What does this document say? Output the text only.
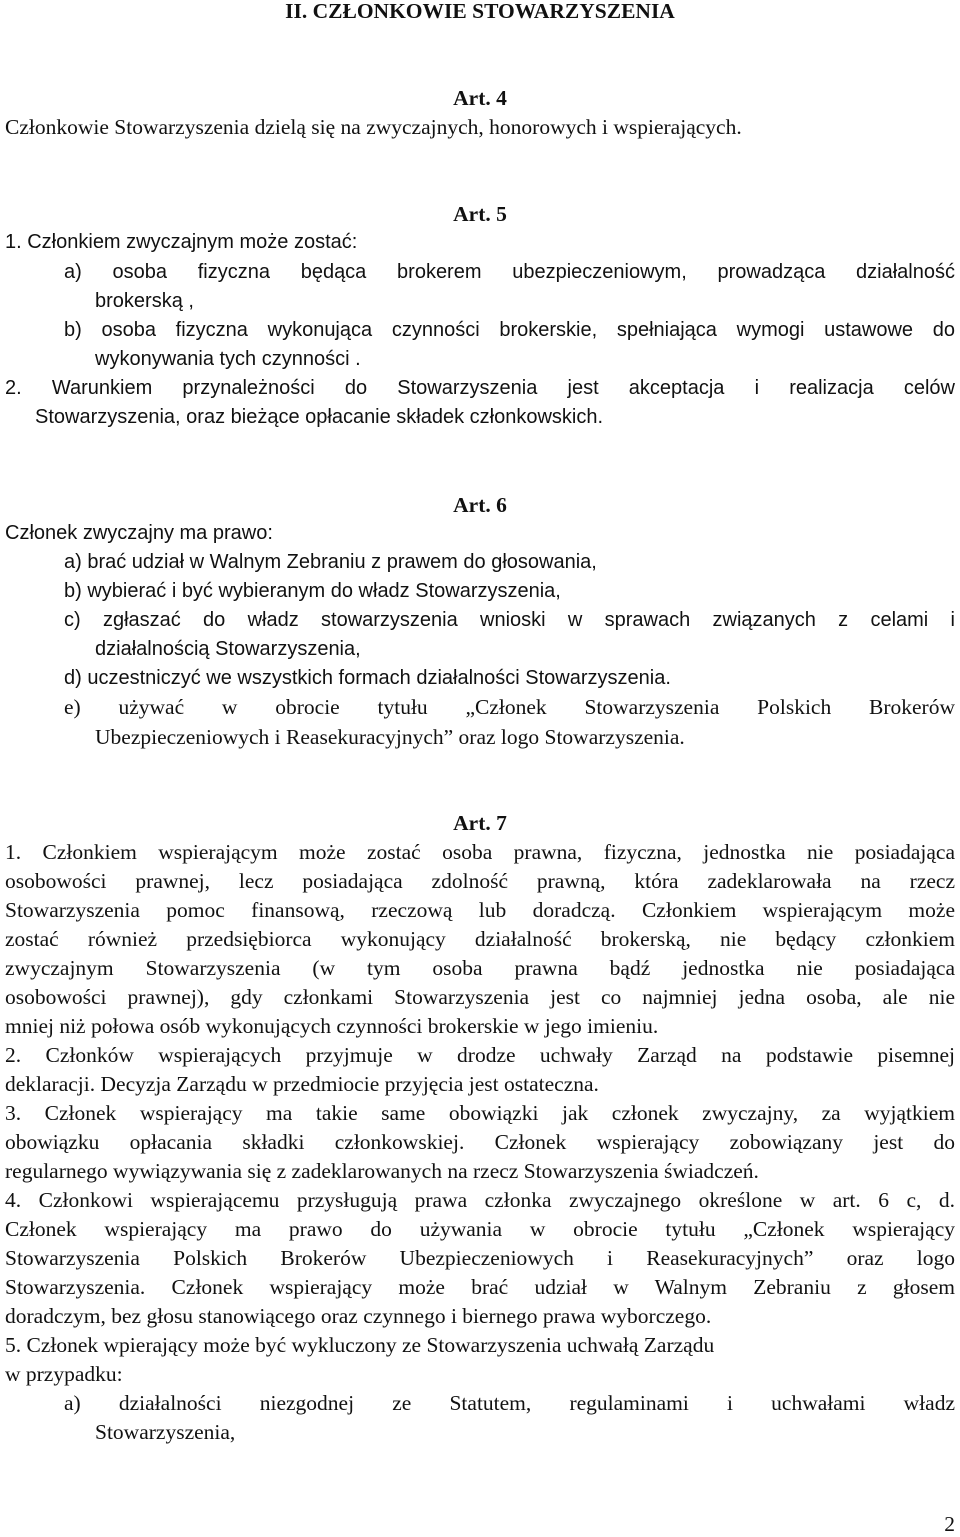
II. CZŁONKOWIE STOWARZYSZENIA
Art. 4
Członkowie Stowarzyszenia dzielą się na zwyczajnych, honorowych i wspierających.
Art. 5
1. Członkiem zwyczajnym może zostać:
a) osoba fizyczna będąca brokerem ubezpieczeniowym, prowadząca działalność
brokerską ,
b) osoba fizyczna wykonująca czynności brokerskie, spełniająca wymogi ustawowe do
wykonywania tych czynności .
2. Warunkiem przynależności do Stowarzyszenia jest akceptacja i realizacja celów
Stowarzyszenia, oraz bieżące opłacanie składek członkowskich.
Art. 6
Członek zwyczajny ma prawo:
a) brać udział w Walnym Zebraniu z prawem do głosowania,
b) wybierać i być wybieranym do władz Stowarzyszenia,
c) zgłaszać do władz stowarzyszenia wnioski w sprawach związanych z celami i
działalnością Stowarzyszenia,
d) uczestniczyć we wszystkich formach działalności Stowarzyszenia.
e) używać w obrocie tytułu „Członek Stowarzyszenia Polskich Brokerów
Ubezpieczeniowych i Reasekuracyjnych” oraz logo Stowarzyszenia.
Art. 7
1. Członkiem wspierającym może zostać osoba prawna, fizyczna, jednostka nie posiadająca
osobowości prawnej, lecz posiadająca zdolność prawną, która zadeklarowała na rzecz
Stowarzyszenia pomoc finansową, rzeczową lub doradczą. Członkiem wspierającym może
zostać również przedsiębiorca wykonujący działalność brokerską, nie będący członkiem
zwyczajnym Stowarzyszenia (w tym osoba prawna bądź jednostka nie posiadająca
osobowości prawnej), gdy członkami Stowarzyszenia jest co najmniej jedna osoba, ale nie
mniej niż połowa osób wykonujących czynności brokerskie w jego imieniu.
2. Członków wspierających przyjmuje w drodze uchwały Zarząd na podstawie pisemnej
deklaracji. Decyzja Zarządu w przedmiocie przyjęcia jest ostateczna.
3. Członek wspierający ma takie same obowiązki jak członek zwyczajny, za wyjątkiem
obowiązku opłacania składki członkowskiej. Członek wspierający zobowiązany jest do
regularnego wywiązywania się z zadeklarowanych na rzecz Stowarzyszenia świadczeń.
4. Członkowi wspierającemu przysługują prawa członka zwyczajnego określone w art. 6 c, d.
Członek wspierający ma prawo do używania w obrocie tytułu „Członek wspierający
Stowarzyszenia Polskich Brokerów Ubezpieczeniowych i Reasekuracyjnych” oraz logo
Stowarzyszenia. Członek wspierający może brać udział w Walnym Zebraniu z głosem
doradczym, bez głosu stanowiącego oraz czynnego i biernego prawa wyborczego.
5. Członek wpierający może być wykluczony ze Stowarzyszenia uchwałą Zarządu
w przypadku:
a) działalności niezgodnej ze Statutem, regulaminami i uchwałami władz
Stowarzyszenia,
2
